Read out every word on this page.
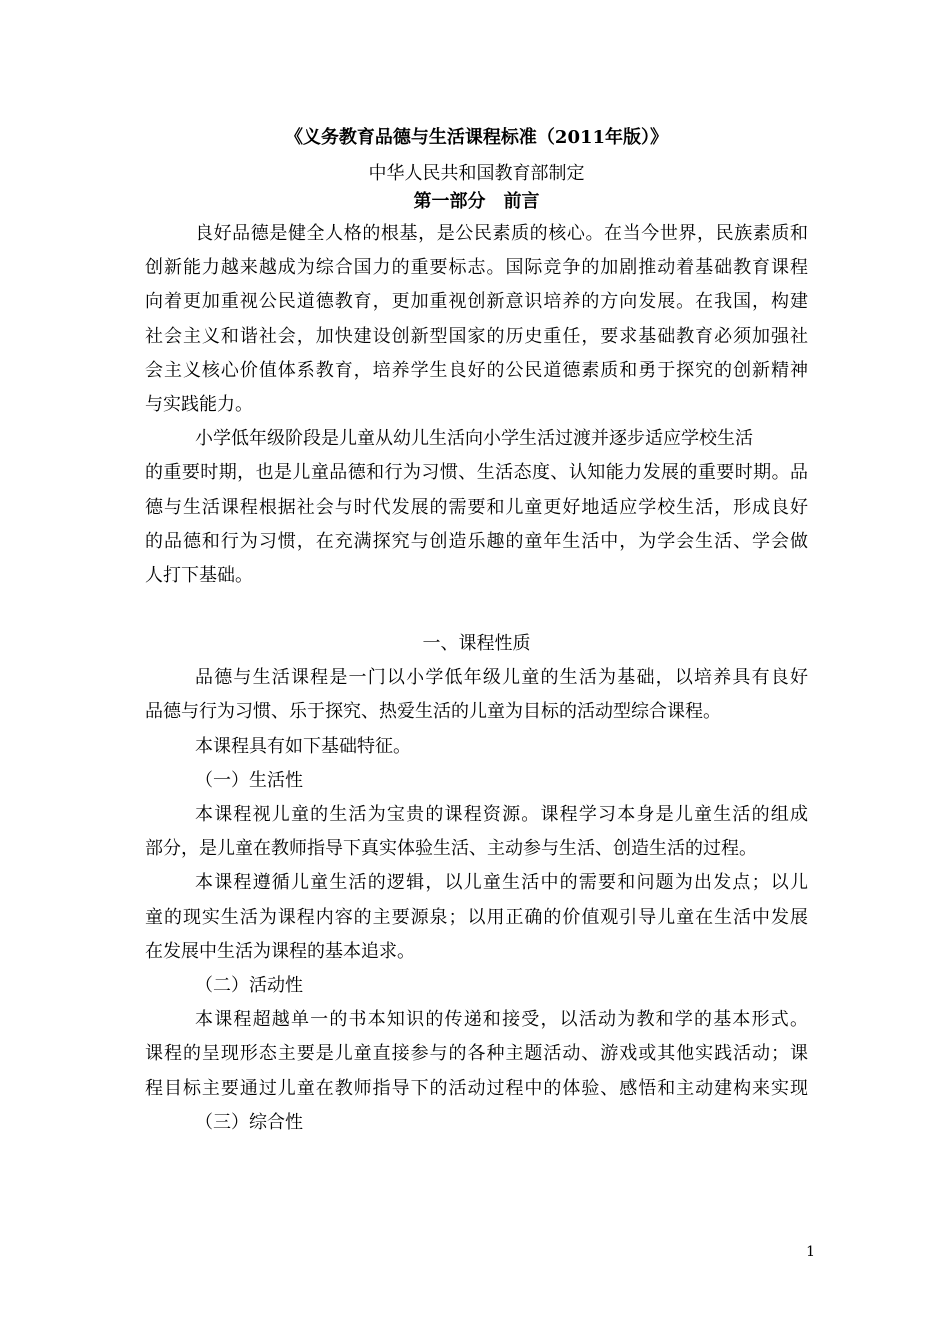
《义务教育品德与生活课程标准（2011年版）》
中华人民共和国教育部制定
第一部分　前言
良好品德是健全人格的根基，是公民素质的核心。在当今世界，民族素质和
创新能力越来越成为综合国力的重要标志。国际竞争的加剧推动着基础教育课程
向着更加重视公民道德教育，更加重视创新意识培养的方向发展。在我国，构建
社会主义和谐社会，加快建设创新型国家的历史重任，要求基础教育必须加强社
会主义核心价值体系教育，培养学生良好的公民道德素质和勇于探究的创新精神
与实践能力。
小学低年级阶段是儿童从幼儿生活向小学生活过渡并逐步适应学校生活
的重要时期，也是儿童品德和行为习惯、生活态度、认知能力发展的重要时期。品
德与生活课程根据社会与时代发展的需要和儿童更好地适应学校生活，形成良好
的品德和行为习惯，在充满探究与创造乐趣的童年生活中，为学会生活、学会做
人打下基础。
一、课程性质
品德与生活课程是一门以小学低年级儿童的生活为基础，以培养具有良好
品德与行为习惯、乐于探究、热爱生活的儿童为目标的活动型综合课程。
本课程具有如下基础特征。
（一）生活性
本课程视儿童的生活为宝贵的课程资源。课程学习本身是儿童生活的组成
部分，是儿童在教师指导下真实体验生活、主动参与生活、创造生活的过程。
本课程遵循儿童生活的逻辑，以儿童生活中的需要和问题为出发点；以儿
童的现实生活为课程内容的主要源泉；以用正确的价值观引导儿童在生活中发展
在发展中生活为课程的基本追求。
（二）活动性
本课程超越单一的书本知识的传递和接受，以活动为教和学的基本形式。
课程的呈现形态主要是儿童直接参与的各种主题活动、游戏或其他实践活动；课
程目标主要通过儿童在教师指导下的活动过程中的体验、感悟和主动建构来实现
（三）综合性
1
